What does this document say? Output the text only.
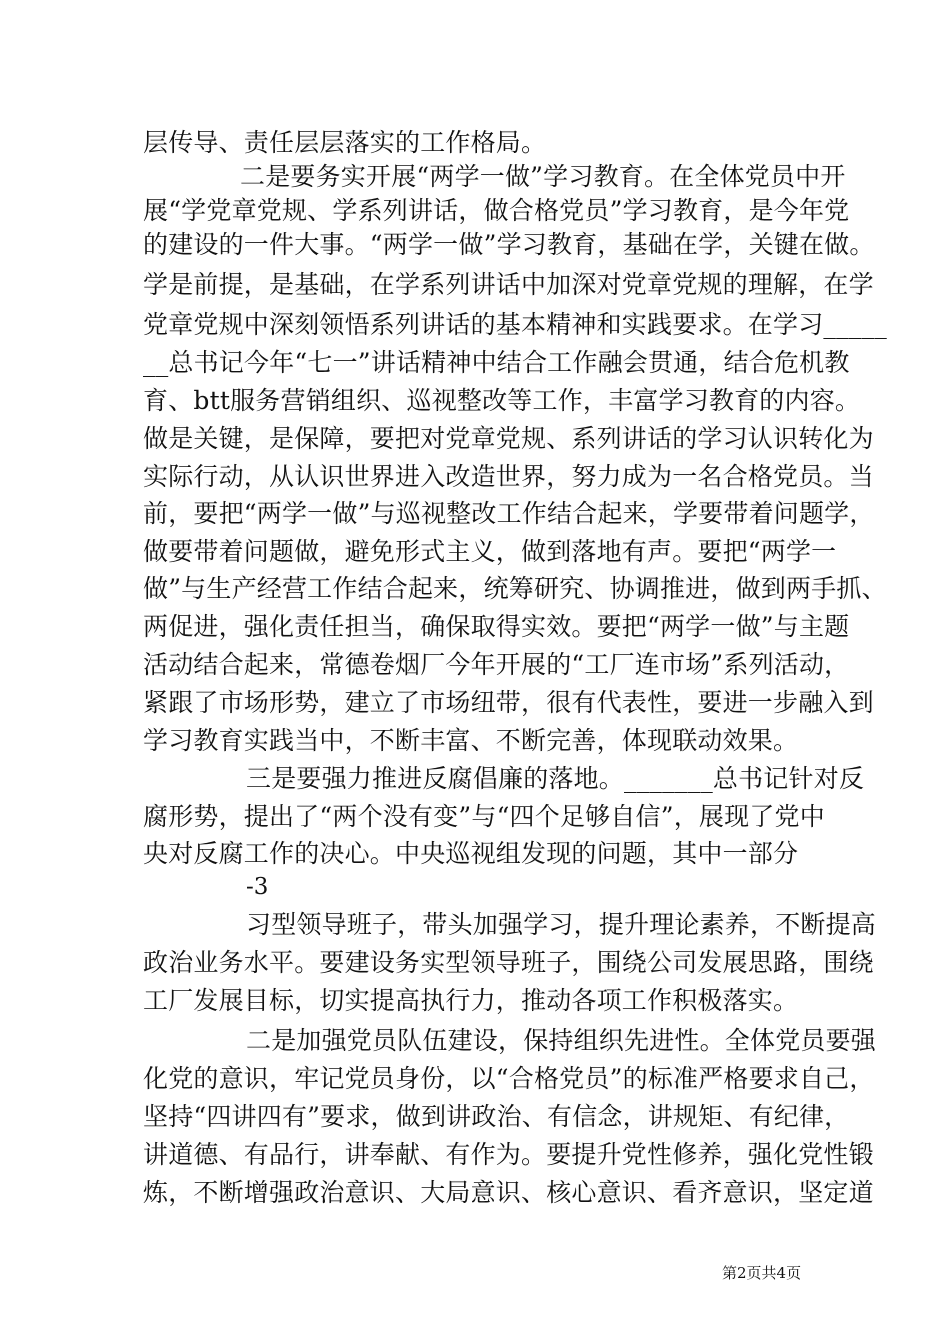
层传导、责任层层落实的工作格局。
二是要务实开展“两学一做”学习教育。在全体党员中开
展“学党章党规、学系列讲话，做合格党员”学习教育，是今年党
的建设的一件大事。“两学一做”学习教育，基础在学，关键在做。
学是前提，是基础，在学系列讲话中加深对党章党规的理解，在学
党章党规中深刻领悟系列讲话的基本精神和实践要求。在学习_____
__总书记今年“七一”讲话精神中结合工作融会贯通，结合危机教
育、btt服务营销组织、巡视整改等工作，丰富学习教育的内容。
做是关键，是保障，要把对党章党规、系列讲话的学习认识转化为
实际行动，从认识世界进入改造世界，努力成为一名合格党员。当
前，要把“两学一做”与巡视整改工作结合起来，学要带着问题学，
做要带着问题做，避免形式主义，做到落地有声。要把“两学一
做”与生产经营工作结合起来，统筹研究、协调推进，做到两手抓、
两促进，强化责任担当，确保取得实效。要把“两学一做”与主题
活动结合起来，常德卷烟厂今年开展的“工厂连市场”系列活动，
紧跟了市场形势，建立了市场纽带，很有代表性，要进一步融入到
学习教育实践当中，不断丰富、不断完善，体现联动效果。
三是要强力推进反腐倡廉的落地。_______总书记针对反
腐形势，提出了“两个没有变”与“四个足够自信”，展现了党中
央对反腐工作的决心。中央巡视组发现的问题，其中一部分
-3
习型领导班子，带头加强学习，提升理论素养，不断提高
政治业务水平。要建设务实型领导班子，围绕公司发展思路，围绕
工厂发展目标，切实提高执行力，推动各项工作积极落实。
二是加强党员队伍建设，保持组织先进性。全体党员要强
化党的意识，牢记党员身份，以“合格党员”的标准严格要求自己，
坚持“四讲四有”要求，做到讲政治、有信念，讲规矩、有纪律，
讲道德、有品行，讲奉献、有作为。要提升党性修养，强化党性锻
炼，不断增强政治意识、大局意识、核心意识、看齐意识，坚定道
第2页共4页
